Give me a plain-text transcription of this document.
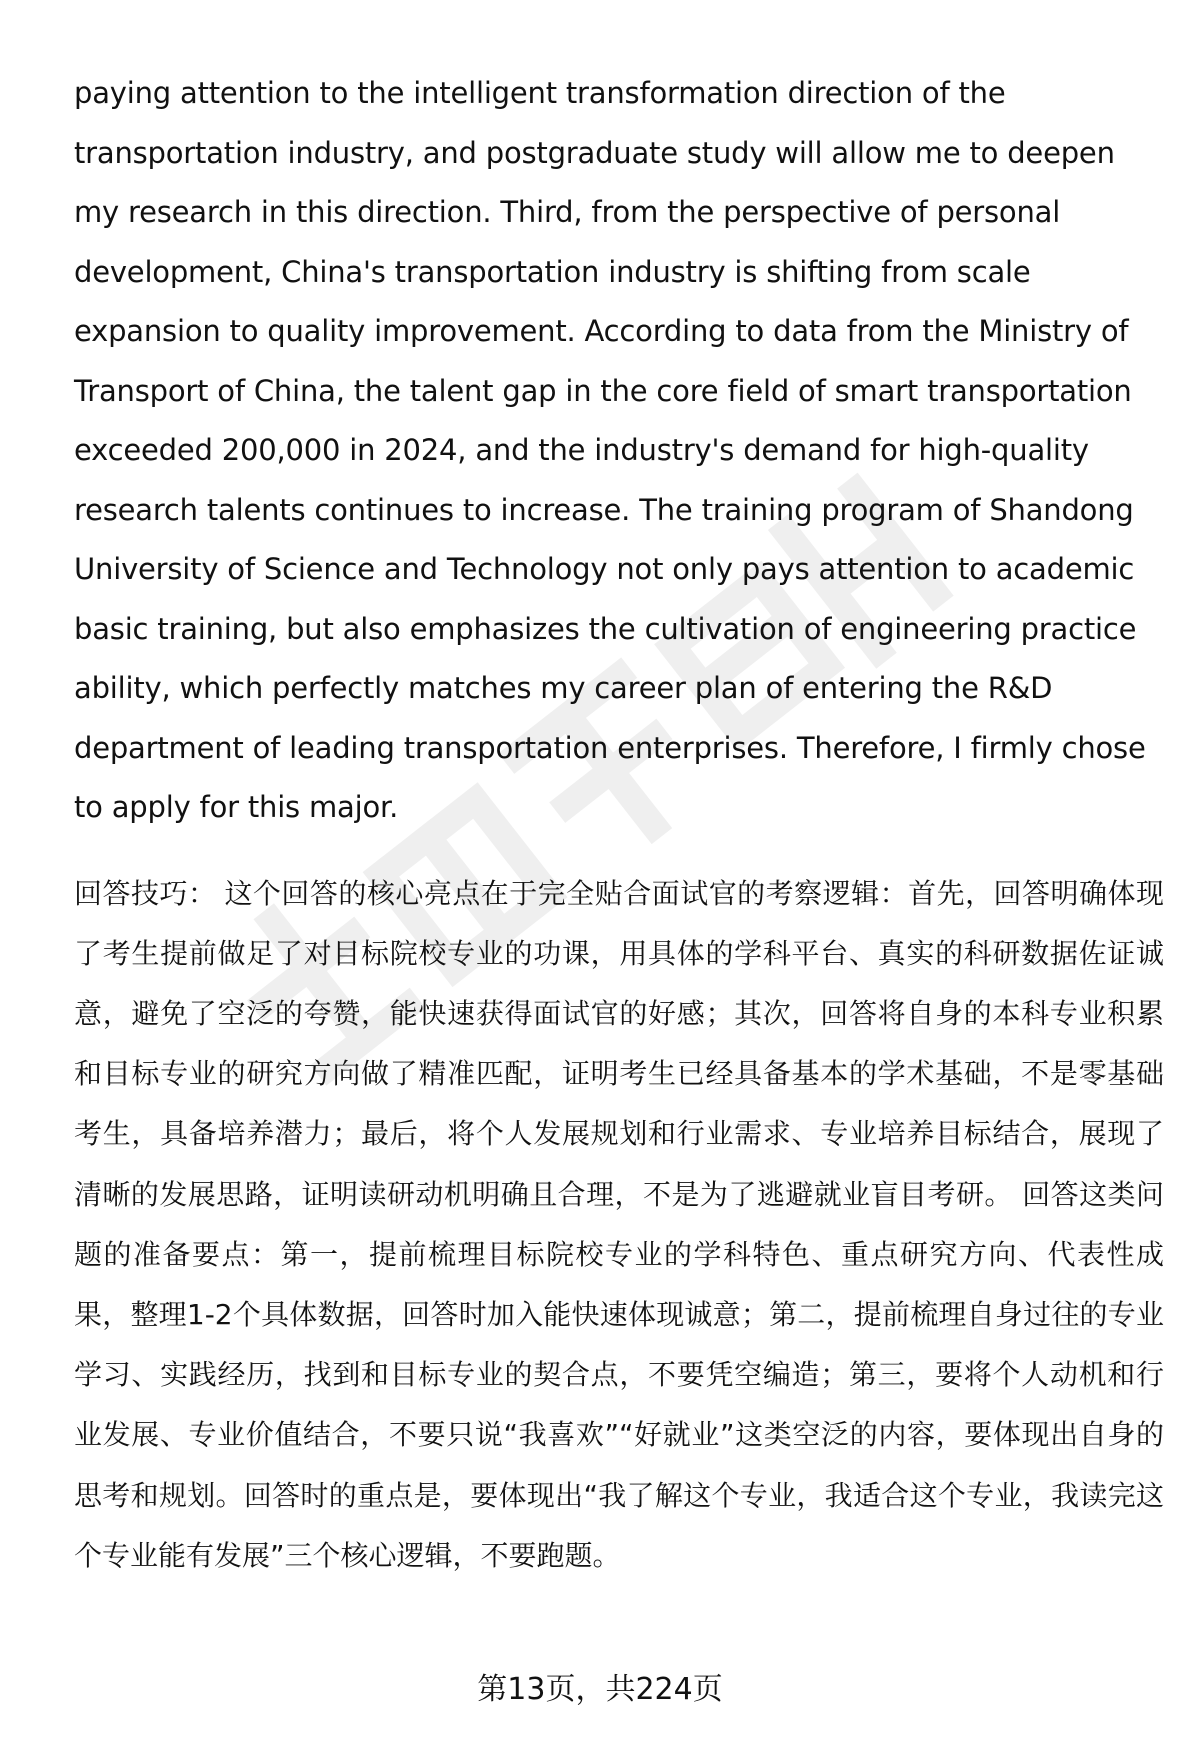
paying attention to the intelligent transformation direction of the transportation industry, and postgraduate study will allow me to deepen my research in this direction. Third, from the perspective of personal development, China's transportation industry is shifting from scale expansion to quality improvement. According to data from the Ministry of Transport of China, the talent gap in the core field of smart transportation exceeded 200,000 in 2024, and the industry's demand for high-quality research talents continues to increase. The training program of Shandong University of Science and Technology not only pays attention to academic basic training, but also emphasizes the cultivation of engineering practice ability, which perfectly matches my career plan of entering the R&D department of leading transportation enterprises. Therefore, I firmly chose to apply for this major.

回答技巧： 这个回答的核心亮点在于完全贴合面试官的考察逻辑：首先，回答明确体现了考生提前做足了对目标院校专业的功课，用具体的学科平台、真实的科研数据佐证诚意，避免了空泛的夸赞，能快速获得面试官的好感；其次，回答将自身的本科专业积累和目标专业的研究方向做了精准匹配，证明考生已经具备基本的学术基础，不是零基础考生，具备培养潜力；最后，将个人发展规划和行业需求、专业培养目标结合，展现了清晰的发展思路，证明读研动机明确且合理，不是为了逃避就业盲目考研。 回答这类问题的准备要点：第一，提前梳理目标院校专业的学科特色、重点研究方向、代表性成果，整理1-2个具体数据，回答时加入能快速体现诚意；第二，提前梳理自身过往的专业学习、实践经历，找到和目标专业的契合点，不要凭空编造；第三，要将个人动机和行业发展、专业价值结合，不要只说“我喜欢”“好就业”这类空泛的内容，要体现出自身的思考和规划。回答时的重点是，要体现出“我了解这个专业，我适合这个专业，我读完这个专业能有发展”三个核心逻辑，不要跑题。

第13页，共224页
